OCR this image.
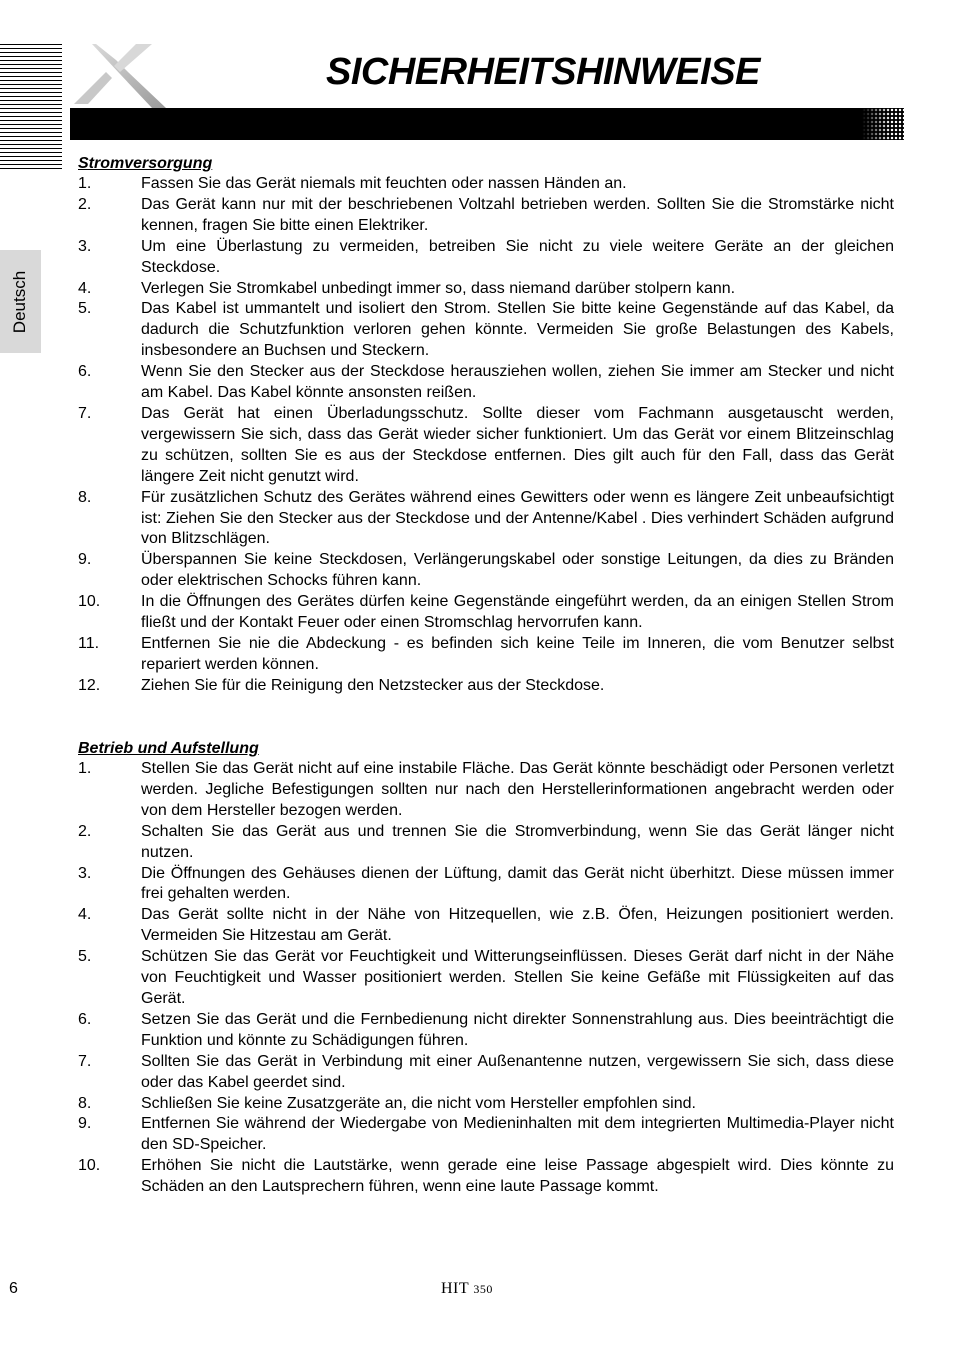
SICHERHEITSHINWEISE
Deutsch
Stromversorgung
1.	Fassen Sie das Gerät niemals mit feuchten oder nassen Händen an.
2.	Das Gerät kann nur mit der beschriebenen Voltzahl betrieben werden. Sollten Sie die Stromstärke nicht kennen, fragen Sie bitte einen Elektriker.
3.	Um eine Überlastung zu vermeiden, betreiben Sie nicht zu viele weitere Geräte an der gleichen Steckdose.
4.	Verlegen Sie Stromkabel unbedingt immer so, dass niemand darüber stolpern kann.
5.	Das Kabel ist ummantelt und isoliert den Strom. Stellen Sie bitte keine Gegenstände auf das Kabel, da dadurch die Schutzfunktion verloren gehen könnte. Vermeiden Sie große Belastungen des Kabels, insbesondere an Buchsen und Steckern.
6.	Wenn Sie den Stecker aus der Steckdose herausziehen wollen, ziehen Sie immer am Stecker und nicht am Kabel. Das Kabel könnte ansonsten reißen.
7.	Das Gerät hat einen Überladungsschutz. Sollte dieser vom Fachmann ausgetauscht werden, vergewissern Sie sich, dass das Gerät wieder sicher funktioniert. Um das Gerät vor einem Blitzeinschlag zu schützen, sollten Sie es aus der Steckdose entfernen. Dies gilt auch für den Fall, dass das Gerät längere Zeit nicht genutzt wird.
8.	Für zusätzlichen Schutz des Gerätes während eines Gewitters oder wenn es längere Zeit unbeaufsichtigt ist: Ziehen Sie den Stecker aus der Steckdose und der Antenne/Kabel . Dies verhindert Schäden aufgrund von Blitzschlägen.
9.	Überspannen Sie keine Steckdosen, Verlängerungskabel oder sonstige Leitungen, da dies zu Bränden oder elektrischen Schocks führen kann.
10.	In die Öffnungen des Gerätes dürfen keine Gegenstände eingeführt werden, da an einigen Stellen Strom fließt und der Kontakt Feuer oder einen Stromschlag hervorrufen kann.
11.	Entfernen Sie nie die Abdeckung - es befinden sich keine Teile im Inneren, die vom Benutzer selbst repariert werden können.
12.	Ziehen Sie für die Reinigung den Netzstecker aus der Steckdose.
Betrieb und Aufstellung
1.	Stellen Sie das Gerät nicht auf eine instabile Fläche. Das Gerät könnte beschädigt oder Personen verletzt werden. Jegliche Befestigungen sollten nur nach den Herstellerinformationen angebracht werden oder von dem Hersteller bezogen werden.
2.	Schalten Sie das Gerät aus und trennen Sie die Stromverbindung, wenn Sie das Gerät länger nicht nutzen.
3.	Die Öffnungen des Gehäuses dienen der Lüftung, damit das Gerät nicht überhitzt. Diese müssen immer frei gehalten werden.
4.	Das Gerät sollte nicht in der Nähe von Hitzequellen, wie z.B. Öfen, Heizungen positioniert werden. Vermeiden Sie Hitzestau am Gerät.
5.	Schützen Sie das Gerät vor Feuchtigkeit und Witterungseinflüssen. Dieses Gerät darf nicht in der Nähe von Feuchtigkeit und Wasser positioniert werden. Stellen Sie keine Gefäße mit Flüssigkeiten auf das Gerät.
6.	Setzen Sie das Gerät und die Fernbedienung nicht direkter Sonnenstrahlung aus. Dies beeinträchtigt die Funktion und könnte zu Schädigungen führen.
7.	Sollten Sie das Gerät in Verbindung mit einer Außenantenne nutzen, vergewissern Sie sich, dass diese oder das Kabel geerdet sind.
8.	Schließen Sie keine Zusatzgeräte an, die nicht vom Hersteller empfohlen sind.
9.	Entfernen Sie während der Wiedergabe von Medieninhalten mit dem integrierten Multimedia-Player nicht den SD-Speicher.
10.	Erhöhen Sie nicht die Lautstärke, wenn gerade eine leise Passage abgespielt wird. Dies könnte zu Schäden an den Lautsprechern führen, wenn eine laute Passage kommt.
6	HIT 350
